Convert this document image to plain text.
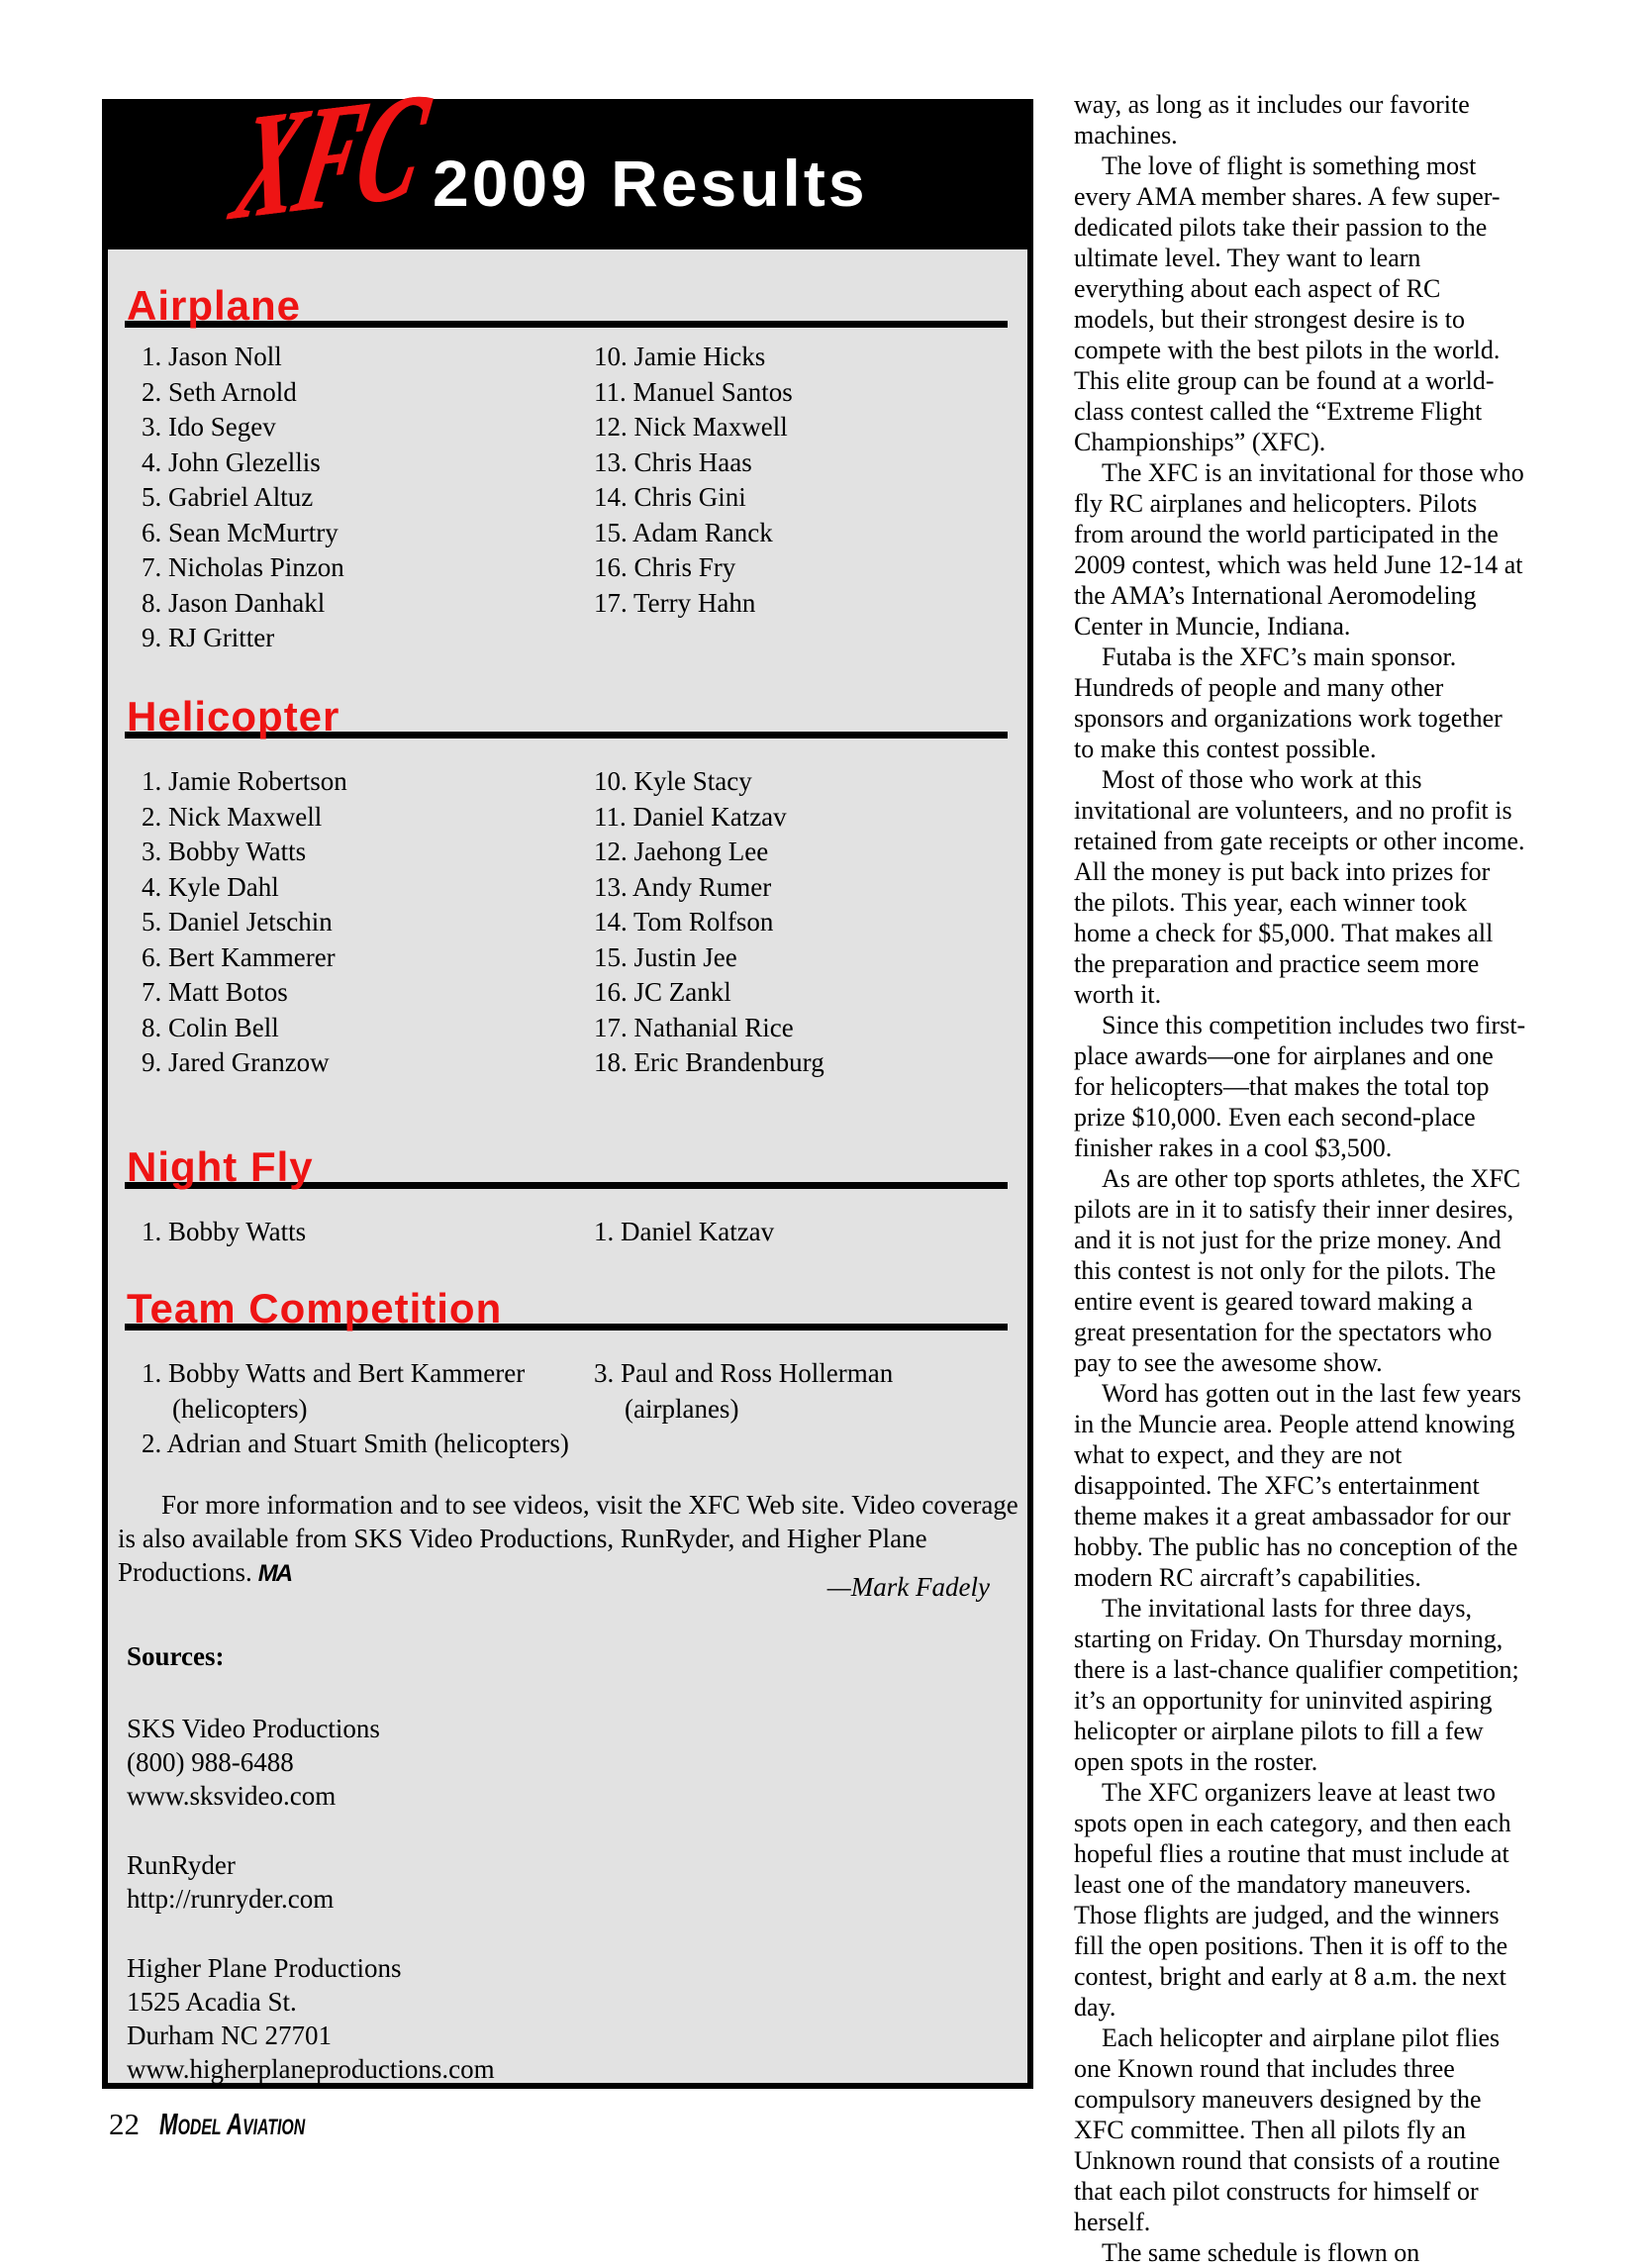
XFC
2009 Results
Airplane
1. Jason Noll
2. Seth Arnold
3. Ido Segev
4. John Glezellis
5. Gabriel Altuz
6. Sean McMurtry
7. Nicholas Pinzon
8. Jason Danhakl
9. RJ Gritter
10. Jamie Hicks
11. Manuel Santos
12. Nick Maxwell
13. Chris Haas
14. Chris Gini
15. Adam Ranck
16. Chris Fry
17. Terry Hahn
Helicopter
1. Jamie Robertson
2. Nick Maxwell
3. Bobby Watts
4. Kyle Dahl
5. Daniel Jetschin
6. Bert Kammerer
7. Matt Botos
8. Colin Bell
9. Jared Granzow
10. Kyle Stacy
11. Daniel Katzav
12. Jaehong Lee
13. Andy Rumer
14. Tom Rolfson
15. Justin Jee
16. JC Zankl
17. Nathanial Rice
18. Eric Brandenburg
Night Fly
1. Bobby Watts	1. Daniel Katzav
Team Competition
1. Bobby Watts and Bert Kammerer (helicopters)
2. Adrian and Stuart Smith (helicopters)
3. Paul and Ross Hollerman (airplanes)

For more information and to see videos, visit the XFC Web site. Video coverage is also available from SKS Video Productions, RunRyder, and Higher Plane Productions. MA	—Mark Fadely

Sources:

SKS Video Productions
(800) 988-6488
www.sksvideo.com
RunRyder
http://runryder.com
Higher Plane Productions
1525 Acadia St.
Durham NC 27701
www.higherplaneproductions.com

way, as long as it includes our favorite machines.

The love of flight is something most every AMA member shares. A few super-dedicated pilots take their passion to the ultimate level. They want to learn everything about each aspect of RC models, but their strongest desire is to compete with the best pilots in the world. This elite group can be found at a world-class contest called the “Extreme Flight Championships” (XFC).

The XFC is an invitational for those who fly RC airplanes and helicopters. Pilots from around the world participated in the 2009 contest, which was held June 12-14 at the AMA’s International Aeromodeling Center in Muncie, Indiana.

Futaba is the XFC’s main sponsor. Hundreds of people and many other sponsors and organizations work together to make this contest possible.

Most of those who work at this invitational are volunteers, and no profit is retained from gate receipts or other income. All the money is put back into prizes for the pilots. This year, each winner took home a check for $5,000. That makes all the preparation and practice seem more worth it.

Since this competition includes two first-place awards—one for airplanes and one for helicopters—that makes the total top prize $10,000. Even each second-place finisher rakes in a cool $3,500.

As are other top sports athletes, the XFC pilots are in it to satisfy their inner desires, and it is not just for the prize money. And this contest is not only for the pilots. The entire event is geared toward making a great presentation for the spectators who pay to see the awesome show.

Word has gotten out in the last few years in the Muncie area. People attend knowing what to expect, and they are not disappointed. The XFC’s entertainment theme makes it a great ambassador for our hobby. The public has no conception of the modern RC aircraft’s capabilities.

The invitational lasts for three days, starting on Friday. On Thursday morning, there is a last-chance qualifier competition; it’s an opportunity for uninvited aspiring helicopter or airplane pilots to fill a few open spots in the roster.

The XFC organizers leave at least two spots open in each category, and then each hopeful flies a routine that must include at least one of the mandatory maneuvers. Those flights are judged, and the winners fill the open positions. Then it is off to the contest, bright and early at 8 a.m. the next day.

Each helicopter and airplane pilot flies one Known round that includes three compulsory maneuvers designed by the XFC committee. Then all pilots fly an Unknown round that consists of a routine that each pilot constructs for himself or herself.

The same schedule is flown on

22 Model Aviation
